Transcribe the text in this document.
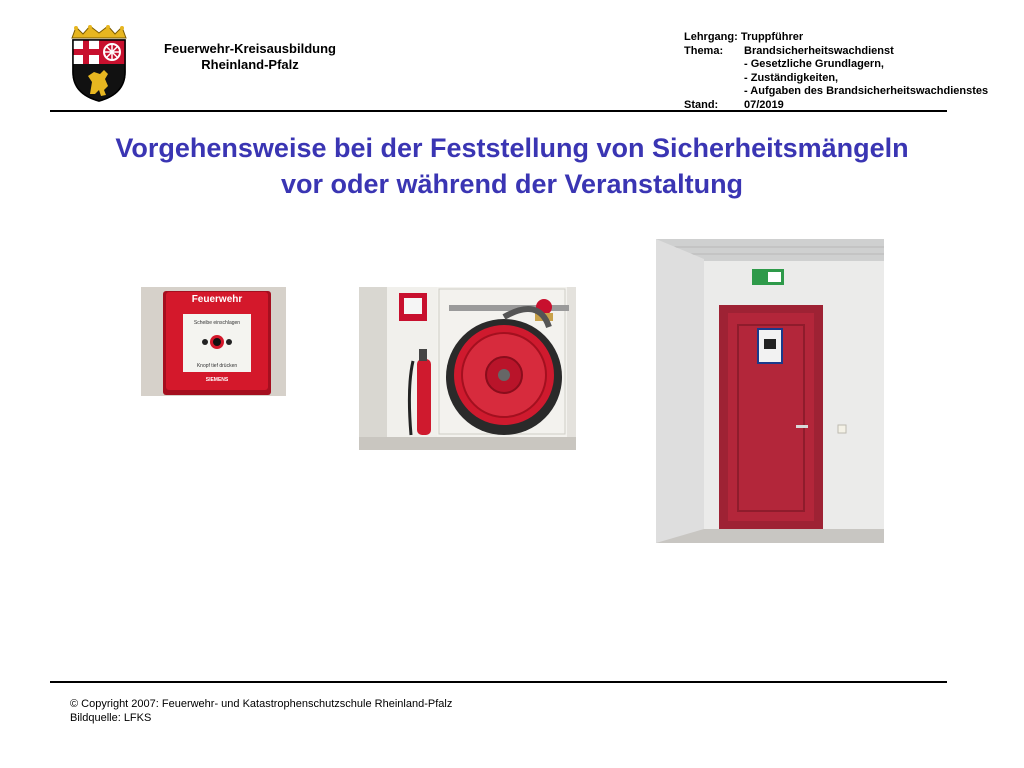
Feuerwehr-Kreisausbildung
Rheinland-Pfalz
Lehrgang:
Truppführer
Thema:	Brandsicherheitswachdienst
- Gesetzliche Grundlagern,
- Zuständigkeiten,
- Aufgaben des Brandsicherheitswachdienstes
Stand:	07/2019
Vorgehensweise bei der Feststellung von Sicherheitsmängeln
vor oder während der Veranstaltung
Feuerwehr
Scheibe einschlagen
Knopf tief drücken
SIEMENS
© Copyright 2007: Feuerwehr- und Katastrophenschutzschule Rheinland-Pfalz
Bildquelle: LFKS
